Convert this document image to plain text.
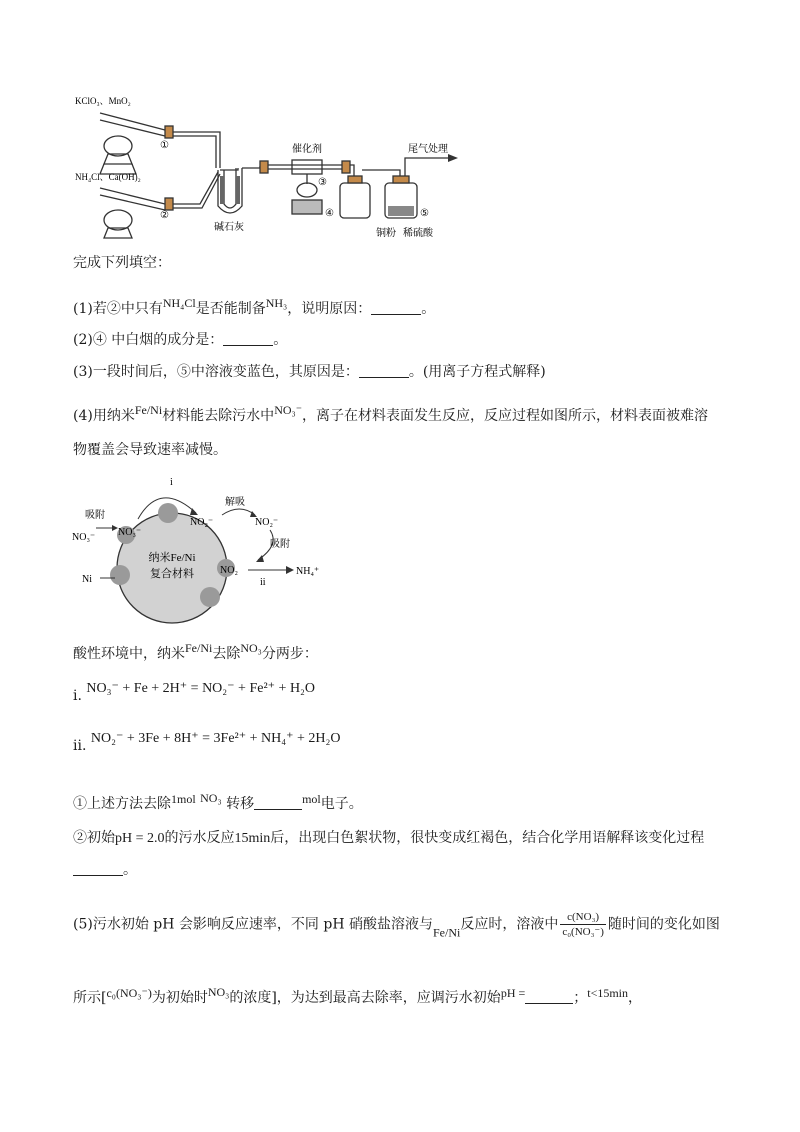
KClO₃、MnO₂
NH₄Cl、Ca(OH)₂
①
②
③
④	⑤
碱石灰
催化剂	尾气处理
铜粉 稀硫酸
完成下列填空：
(1)若②中只有NH₄Cl是否能制备NH₃，说明原因：	。
(2)④ 中白烟的成分是：	。
(3)一段时间后，⑤中溶液变蓝色，其原因是：	。(用离子方程式解释)
(4)用纳米Fe/Ni材料能去除污水中NO₃⁻，离子在材料表面发生反应，反应过程如图所示，材料表面被难溶
物覆盖会导致速率减慢。
吸附
NO₃⁻ NO₃⁻
i
NO₂⁻
解吸
NO₂⁻
吸附
NO₂
ii
NH₄⁺
Ni
纳米Fe/Ni
复合材料
酸性环境中，纳米Fe/Ni去除NO₃分两步：
i. NO₃⁻ + Fe + 2H⁺ = NO₂⁻ + Fe²⁺ + H₂O
ii. NO₂⁻ + 3Fe + 8H⁺ = 3Fe²⁺ + NH₄⁺ + 2H₂O
①上述方法去除1mol NO₃ 转移	mol电子。
②初始pH = 2.0的污水反应15min后，出现白色絮状物，很快变成红褐色，结合化学用语解释该变化过程
。
(5)污水初始 pH 会影响反应速率，不同 pH 硝酸盐溶液与Fe/Ni反应时，溶液中 $\frac{\text{c(NO₃)}}{\text{c₀(NO₃⁻)}}$ 随时间的变化如图
所示[c₀(NO₃⁻)为初始时NO₃的浓度]，为达到最高去除率，应调污水初始pH =	；t<15min，
